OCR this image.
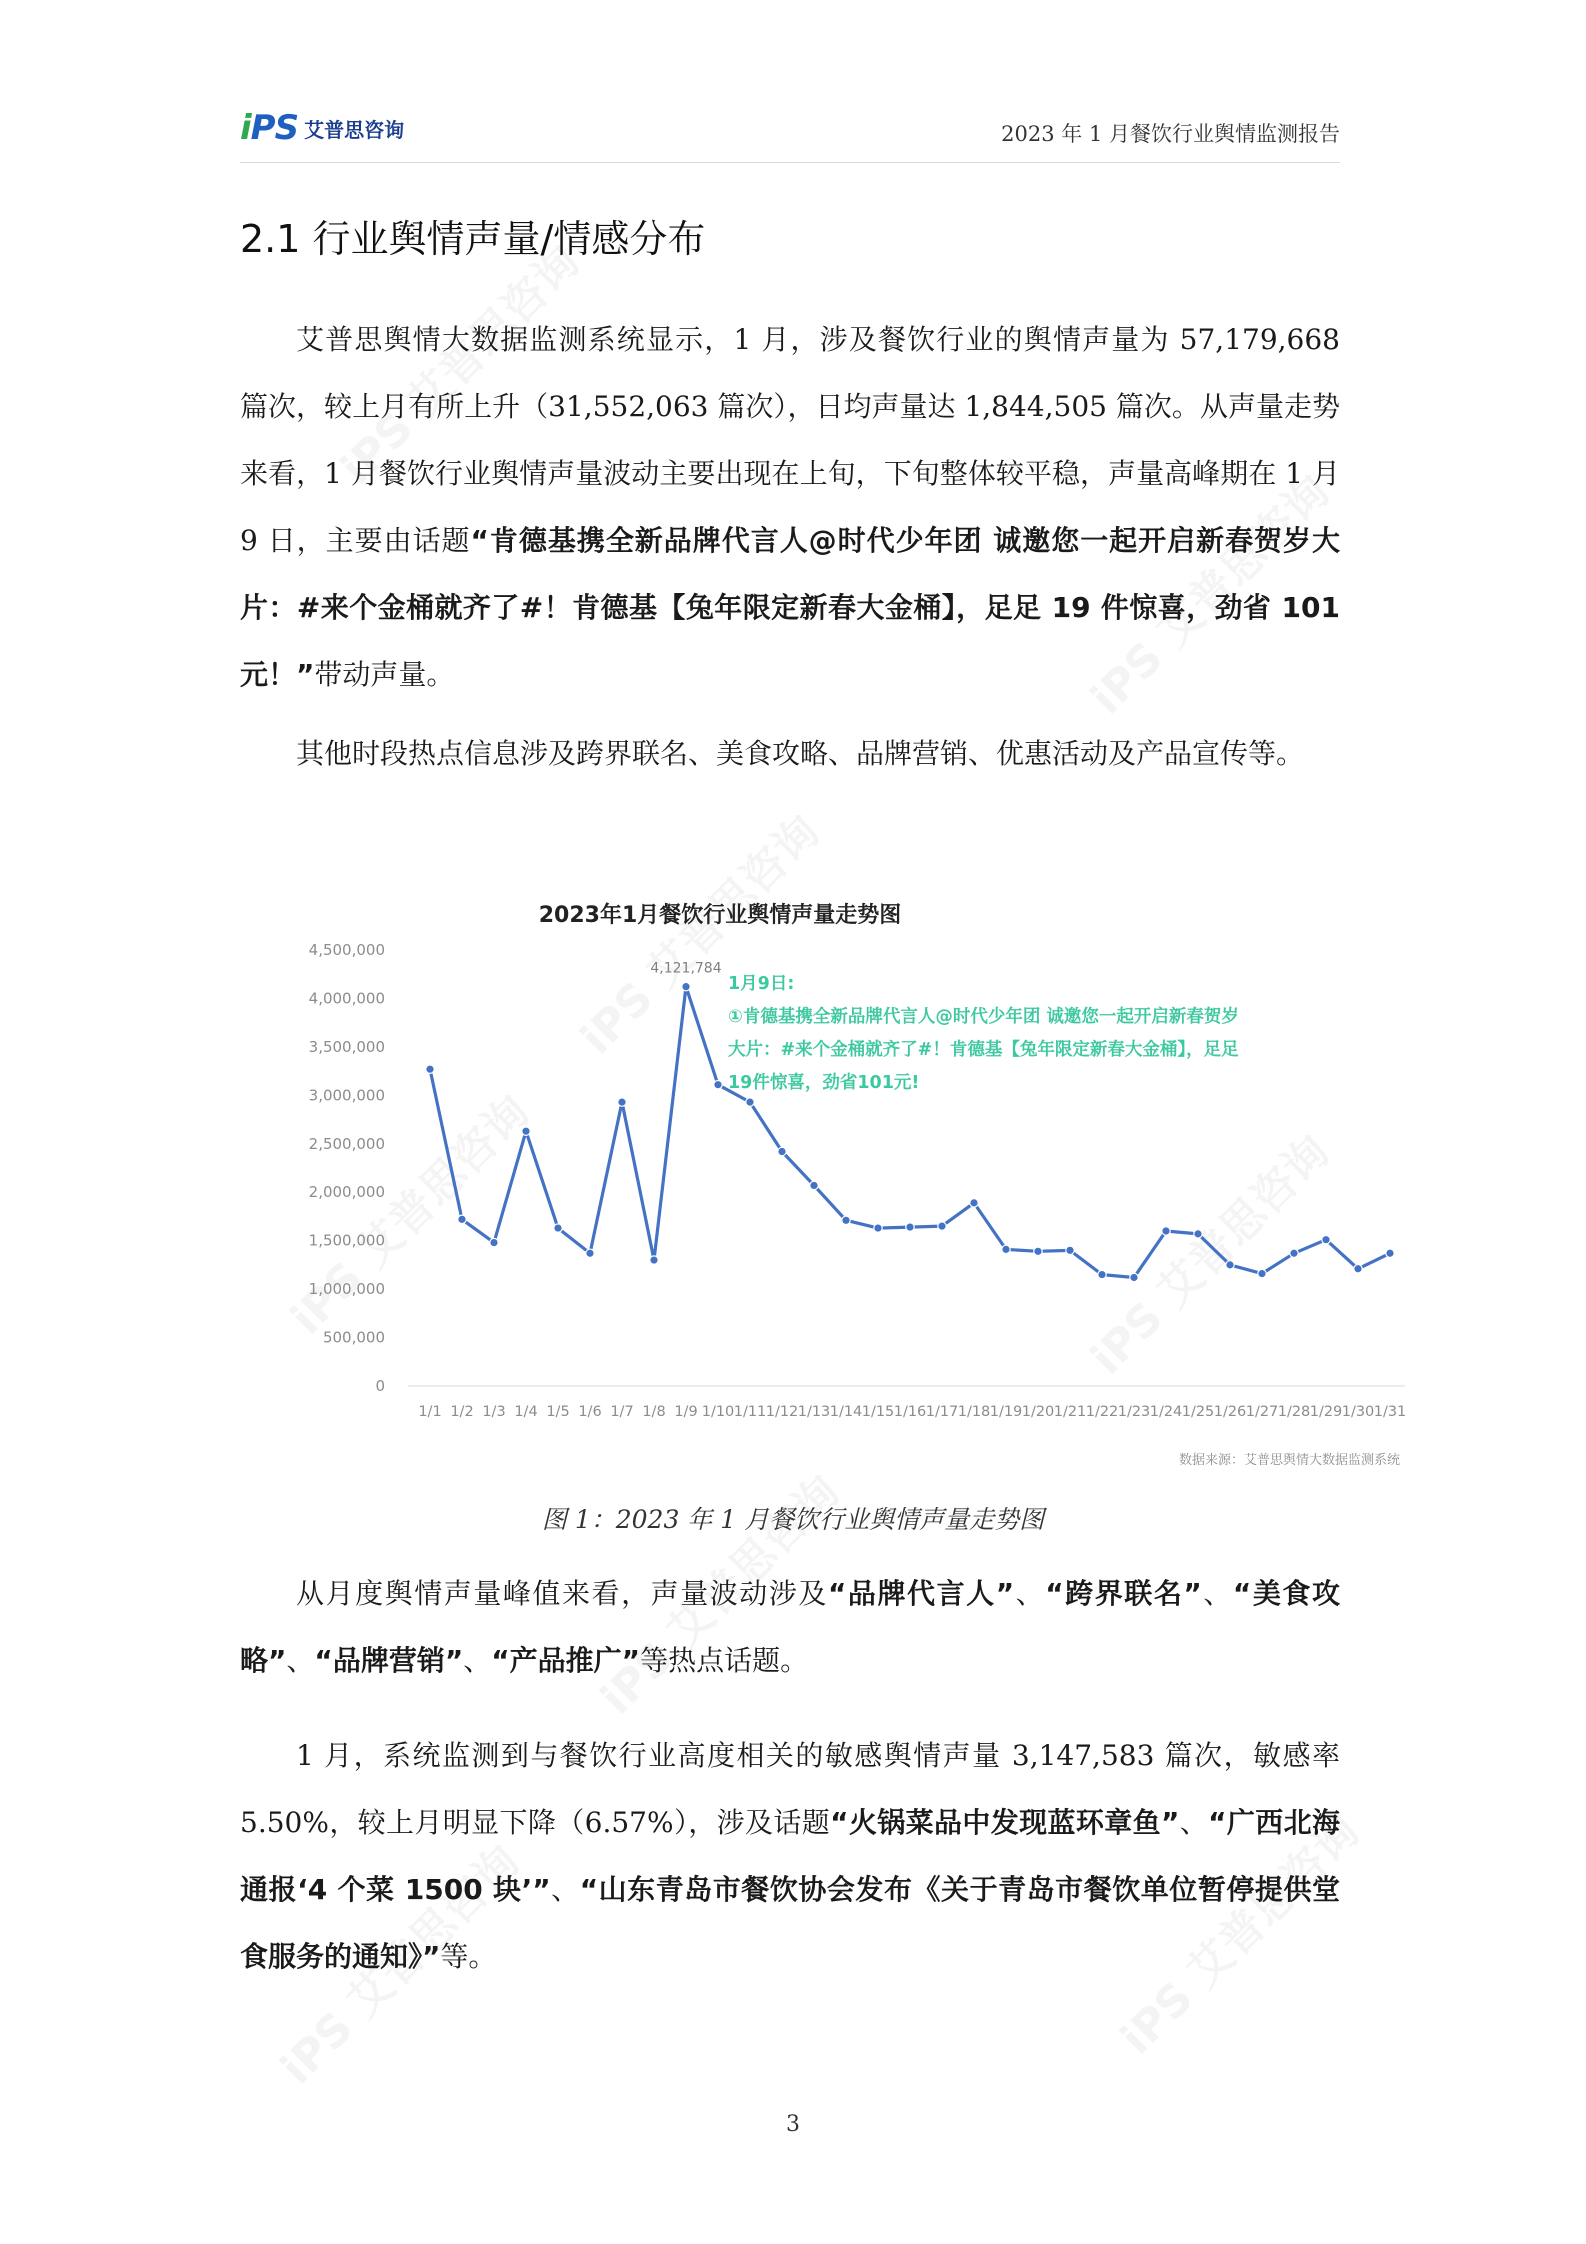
iPS 艾普思咨询	2023 年 1 月餐饮行业舆情监测报告
2.1 行业舆情声量/情感分布

艾普思舆情大数据监测系统显示，1 月，涉及餐饮行业的舆情声量为 57,179,668 篇次，较上月有所上升（31,552,063 篇次），日均声量达 1,844,505 篇次。从声量走势来看，1 月餐饮行业舆情声量波动主要出现在上旬，下旬整体较平稳，声量高峰期在 1 月 9 日，主要由话题“肯德基携全新品牌代言人@时代少年团 诚邀您一起开启新春贺岁大片：#来个金桶就齐了#！肯德基【兔年限定新春大金桶】，足足 19 件惊喜，劲省 101 元！”带动声量。

其他时段热点信息涉及跨界联名、美食攻略、品牌营销、优惠活动及产品宣传等。

2023年1月餐饮行业舆情声量走势图
0
500,000
1,000,000
1,500,000
2,000,000
2,500,000
3,000,000
3,500,000
4,000,000
4,500,000
1/1 1/2 1/3 1/4 1/5 1/6 1/7 1/8 1/9 1/10 1/11 1/12 1/13 1/14 1/15 1/16 1/17 1/18 1/19 1/20 1/21 1/22 1/23 1/24 1/25 1/26 1/27 1/28 1/29 1/30 1/31
4,121,784
数据来源：艾普思舆情大数据监测系统
1月9日:
①肯德基携全新品牌代言人@时代少年团 诚邀您一起开启新春贺岁
大片：#来个金桶就齐了#！肯德基【兔年限定新春大金桶】，足足
19件惊喜，劲省101元!
图 1：2023 年 1 月餐饮行业舆情声量走势图

从月度舆情声量峰值来看，声量波动涉及“品牌代言人”、“跨界联名”、“美食攻略”、“品牌营销”、“产品推广”等热点话题。

1 月，系统监测到与餐饮行业高度相关的敏感舆情声量 3,147,583 篇次，敏感率 5.50%，较上月明显下降（6.57%），涉及话题“火锅菜品中发现蓝环章鱼”、“广西北海通报‘4 个菜 1500 块’”、“山东青岛市餐饮协会发布《关于青岛市餐饮单位暂停提供堂食服务的通知》”等。

3
